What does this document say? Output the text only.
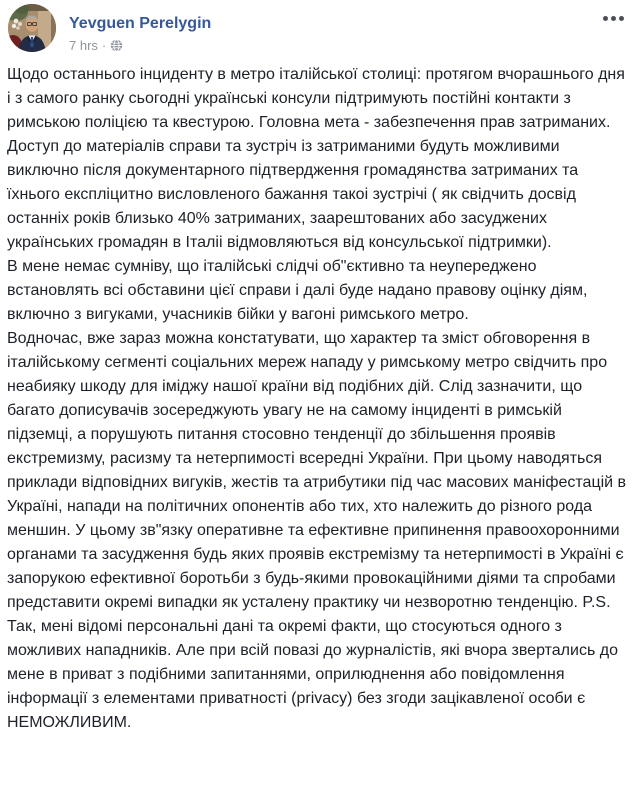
Yevguen Perelygin
7 hrs ·

Щодо останнього інциденту в метро італійської столиці: протягом вчорашнього дня і з самого ранку сьогодні українські консули підтримують постійні контакти з римською поліцією та квестурою. Головна мета - забезпечення прав затриманих. Доступ до матеріалів справи та зустріч із затриманими будуть можливими виключно після документарного підтвердження громадянства затриманих та їхнього експліцитно висловленого бажання такоі зустрічі ( як свідчить досвід останніх років близько 40% затриманих, заарештованих або засуджених українських громадян в Італіі відмовляються від консульської підтримки).

В мене немає сумніву, що італійські слідчі об"єктивно та неупереджено встановлять всі обставини цієї справи і далі буде надано правову оцінку діям, включно з вигуками, учасників бійки у вагоні римського метро.

Водночас, вже зараз можна констатувати, що характер та зміст обговорення в італійському сегменті соціальних мереж нападу у римському метро свідчить про неабияку шкоду для іміджу нашої країни від подібних дій. Слід зазначити, що багато дописувачів зосереджують увагу не на самому інциденті в римській підземці, а порушують питання стосовно тенденції до збільшення проявів екстремизму, расизму та нетерпимості всередні України. При цьому наводяться приклади відповідних вигуків, жестів та атрибутики під час масових маніфестацій в Україні, напади на політичних опонентів або тих, хто належить до різного рода меншин. У цьому зв"язку оперативне та ефективне припинення правоохоронними органами та засудження будь яких проявів екстремізму та нетерпимості в Україні є запорукою ефективної боротьби з будь-якими провокаційними діями та спробами представити окремі випадки як усталену практику чи незворотню тенденцію. P.S. Так, мені відомі персональні дані та окремі факти, що стосуються одного з можливих нападників. Але при всій повазі до журналістів, які вчора звертались до мене в приват з подібними запитаннями, оприлюднення або повідомлення інформації з елементами приватності (privacy) без згоди зацікавленої особи є НЕМОЖЛИВИМ.
